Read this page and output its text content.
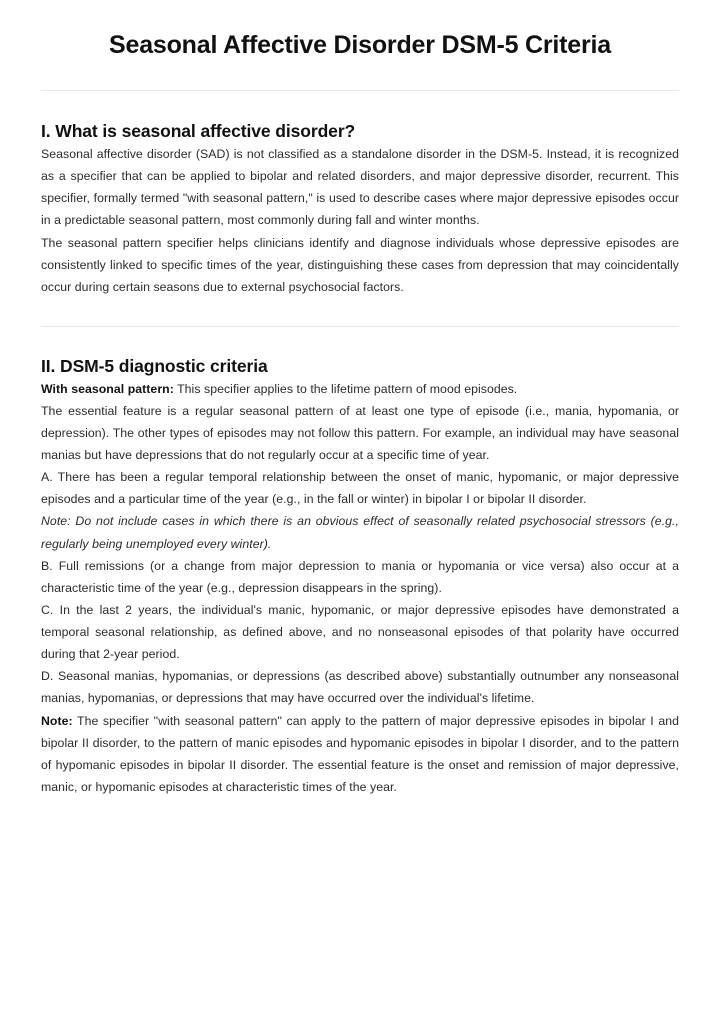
Seasonal Affective Disorder DSM-5 Criteria
I. What is seasonal affective disorder?

Seasonal affective disorder (SAD) is not classified as a standalone disorder in the DSM-5. Instead, it is recognized as a specifier that can be applied to bipolar and related disorders, and major depressive disorder, recurrent. This specifier, formally termed "with seasonal pattern," is used to describe cases where major depressive episodes occur in a predictable seasonal pattern, most commonly during fall and winter months.

The seasonal pattern specifier helps clinicians identify and diagnose individuals whose depressive episodes are consistently linked to specific times of the year, distinguishing these cases from depression that may coincidentally occur during certain seasons due to external psychosocial factors.

II. DSM-5 diagnostic criteria

With seasonal pattern: This specifier applies to the lifetime pattern of mood episodes.

The essential feature is a regular seasonal pattern of at least one type of episode (i.e., mania, hypomania, or depression). The other types of episodes may not follow this pattern. For example, an individual may have seasonal manias but have depressions that do not regularly occur at a specific time of year.

A. There has been a regular temporal relationship between the onset of manic, hypomanic, or major depressive episodes and a particular time of the year (e.g., in the fall or winter) in bipolar I or bipolar II disorder.

Note: Do not include cases in which there is an obvious effect of seasonally related psychosocial stressors (e.g., regularly being unemployed every winter).

B. Full remissions (or a change from major depression to mania or hypomania or vice versa) also occur at a characteristic time of the year (e.g., depression disappears in the spring).

C. In the last 2 years, the individual's manic, hypomanic, or major depressive episodes have demonstrated a temporal seasonal relationship, as defined above, and no nonseasonal episodes of that polarity have occurred during that 2-year period.

D. Seasonal manias, hypomanias, or depressions (as described above) substantially outnumber any nonseasonal manias, hypomanias, or depressions that may have occurred over the individual's lifetime.

Note: The specifier "with seasonal pattern" can apply to the pattern of major depressive episodes in bipolar I and bipolar II disorder, to the pattern of manic episodes and hypomanic episodes in bipolar I disorder, and to the pattern of hypomanic episodes in bipolar II disorder. The essential feature is the onset and remission of major depressive, manic, or hypomanic episodes at characteristic times of the year.
